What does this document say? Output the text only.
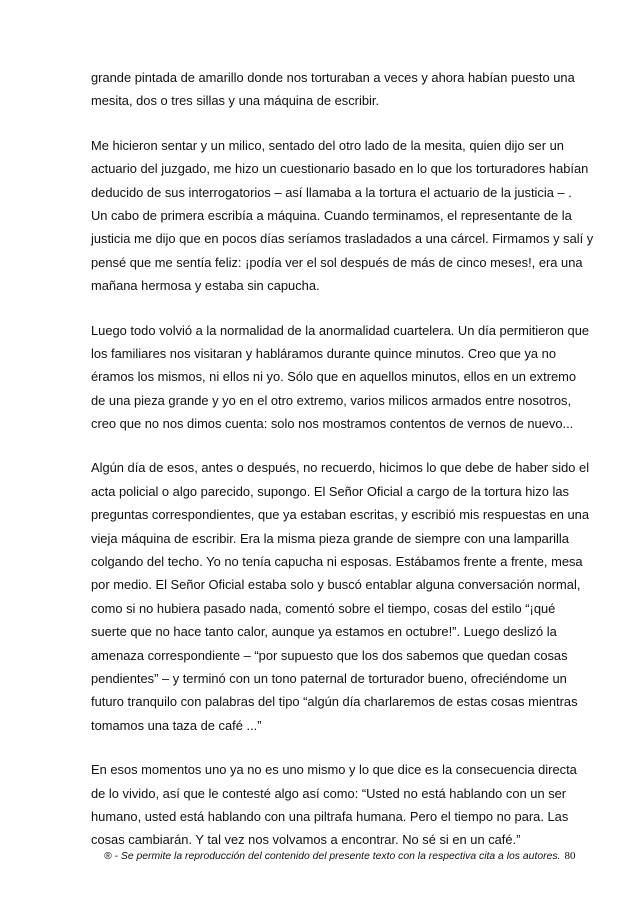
grande pintada de amarillo donde nos torturaban a veces y ahora habían puesto una
mesita, dos o tres sillas y una máquina de escribir.

Me hicieron sentar y un milico, sentado del otro lado de la mesita, quien dijo ser un
actuario del juzgado, me hizo un cuestionario basado en lo que los torturadores habían
deducido de sus interrogatorios – así llamaba a la tortura el actuario de la justicia – .
Un cabo de primera escribía a máquina. Cuando terminamos, el representante de la
justicia me dijo que en pocos días seríamos trasladados a una cárcel. Firmamos y salí y
pensé que me sentía feliz: ¡podía ver el sol después de más de cinco meses!, era una
mañana hermosa y estaba sin capucha.

Luego todo volvió a la normalidad de la anormalidad cuartelera. Un día permitieron que
los familiares nos visitaran y habláramos durante quince minutos. Creo que ya no
éramos los mismos, ni ellos ni yo. Sólo que en aquellos minutos, ellos en un extremo
de una pieza grande y yo en el otro extremo, varios milicos armados entre nosotros,
creo que no nos dimos cuenta: solo nos mostramos contentos de vernos de nuevo...

Algún día de esos, antes o después, no recuerdo, hicimos lo que debe de haber sido el
acta policial o algo parecido, supongo. El Señor Oficial a cargo de la tortura hizo las
preguntas correspondientes, que ya estaban escritas, y escribió mis respuestas en una
vieja máquina de escribir. Era la misma pieza grande de siempre con una lamparilla
colgando del techo. Yo no tenía capucha ni esposas. Estábamos frente a frente, mesa
por medio. El Señor Oficial estaba solo y buscó entablar alguna conversación normal,
como si no hubiera pasado nada, comentó sobre el tiempo, cosas del estilo “¡qué
suerte que no hace tanto calor, aunque ya estamos en octubre!”. Luego deslizó la
amenaza correspondiente – “por supuesto que los dos sabemos que quedan cosas
pendientes” – y terminó con un tono paternal de torturador bueno, ofreciéndome un
futuro tranquilo con palabras del tipo “algún día charlaremos de estas cosas mientras
tomamos una taza de café ...”

En esos momentos uno ya no es uno mismo y lo que dice es la consecuencia directa
de lo vivido, así que le contesté algo así como: “Usted no está hablando con un ser
humano, usted está hablando con una piltrafa humana. Pero el tiempo no para. Las
cosas cambiarán. Y tal vez nos volvamos a encontrar. No sé si en un café.”

® - Se permite la reproducción del contenido del presente texto con la respectiva cita a los autores. 80
